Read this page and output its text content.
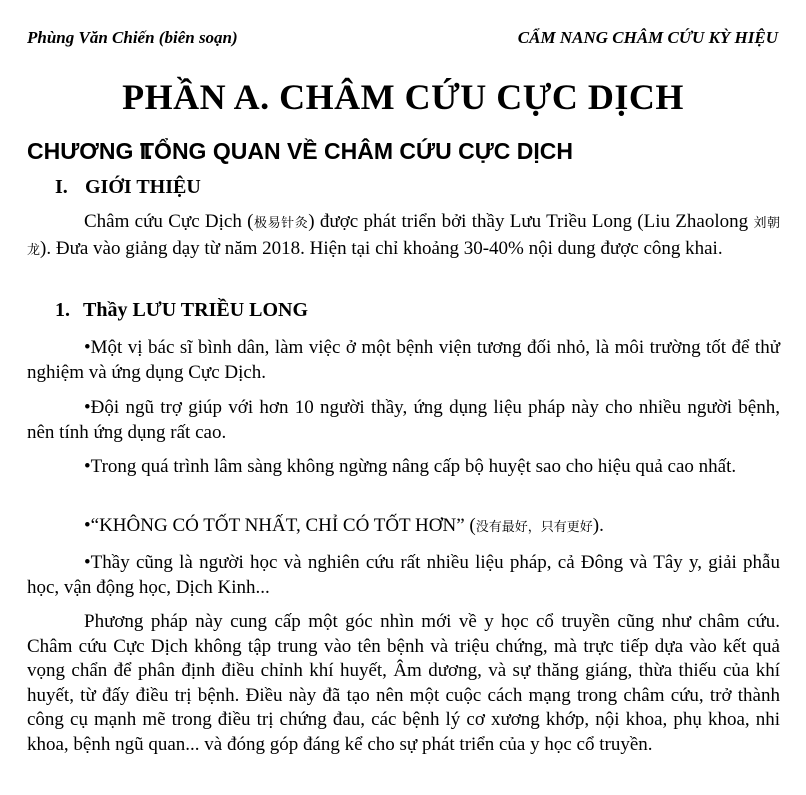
Phùng Văn Chiến (biên soạn)	CẨM NANG CHÂM CỨU KỲ HIỆU
PHẦN A. CHÂM CỨU CỰC DỊCH
CHƯƠNG I.TỔNG QUAN VỀ CHÂM CỨU CỰC DỊCH
I. GIỚI THIỆU

Châm cứu Cực Dịch (极易针灸) được phát triển bởi thầy Lưu Triều Long (Liu Zhaolong 刘朝龙). Đưa vào giảng dạy từ năm 2018. Hiện tại chỉ khoảng 30-40% nội dung được công khai.

1. Thầy LƯU TRIỀU LONG

•Một vị bác sĩ bình dân, làm việc ở một bệnh viện tương đối nhỏ, là môi trường tốt để thử nghiệm và ứng dụng Cực Dịch.

•Đội ngũ trợ giúp với hơn 10 người thầy, ứng dụng liệu pháp này cho nhiều người bệnh, nên tính ứng dụng rất cao.

•Trong quá trình lâm sàng không ngừng nâng cấp bộ huyệt sao cho hiệu quả cao nhất.

•“KHÔNG CÓ TỐT NHẤT, CHỈ CÓ TỐT HƠN” (没有最好，只有更好).

•Thầy cũng là người học và nghiên cứu rất nhiều liệu pháp, cả Đông và Tây y, giải phẫu học, vận động học, Dịch Kinh...

Phương pháp này cung cấp một góc nhìn mới về y học cổ truyền cũng như châm cứu. Châm cứu Cực Dịch không tập trung vào tên bệnh và triệu chứng, mà trực tiếp dựa vào kết quả vọng chẩn để phân định điều chỉnh khí huyết, Âm dương, và sự thăng giáng, thừa thiếu của khí huyết, từ đấy điều trị bệnh. Điều này đã tạo nên một cuộc cách mạng trong châm cứu, trở thành công cụ mạnh mẽ trong điều trị chứng đau, các bệnh lý cơ xương khớp, nội khoa, phụ khoa, nhi khoa, bệnh ngũ quan... và đóng góp đáng kể cho sự phát triển của y học cổ truyền.
